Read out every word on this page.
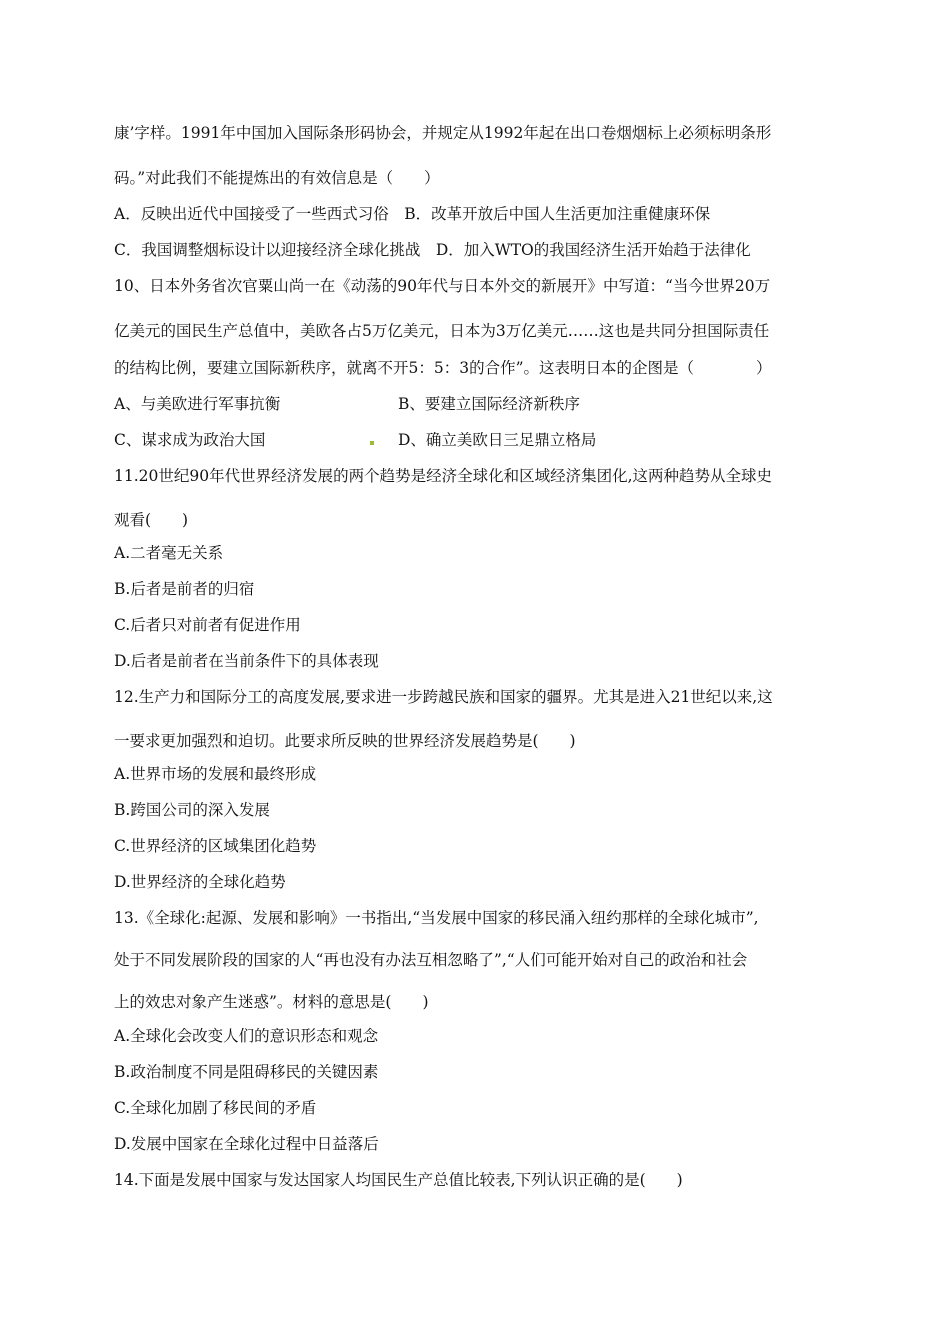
康’字样。1991年中国加入国际条形码协会，并规定从1992年起在出口卷烟烟标上必须标明条形
码。”对此我们不能提炼出的有效信息是（　　）
A．反映出近代中国接受了一些西式习俗　B．改革开放后中国人生活更加注重健康环保
C．我国调整烟标设计以迎接经济全球化挑战　D．加入WTO的我国经济生活开始趋于法律化
10、日本外务省次官粟山尚一在《动荡的90年代与日本外交的新展开》中写道：“当今世界20万
亿美元的国民生产总值中，美欧各占5万亿美元，日本为3万亿美元……这也是共同分担国际责任
的结构比例，要建立国际新秩序，就离不开5：5：3的合作”。这表明日本的企图是（　　　　）
A、与美欧进行军事抗衡	B、要建立国际经济新秩序
C、谋求成为政治大国	D、确立美欧日三足鼎立格局
11.20世纪90年代世界经济发展的两个趋势是经济全球化和区域经济集团化,这两种趋势从全球史
观看(　　)
A.二者毫无关系
B.后者是前者的归宿
C.后者只对前者有促进作用
D.后者是前者在当前条件下的具体表现
12.生产力和国际分工的高度发展,要求进一步跨越民族和国家的疆界。尤其是进入21世纪以来,这
一要求更加强烈和迫切。此要求所反映的世界经济发展趋势是(　　)
A.世界市场的发展和最终形成
B.跨国公司的深入发展
C.世界经济的区域集团化趋势
D.世界经济的全球化趋势
13.《全球化:起源、发展和影响》一书指出,“当发展中国家的移民涌入纽约那样的全球化城市”,
处于不同发展阶段的国家的人“再也没有办法互相忽略了”,“人们可能开始对自己的政治和社会
上的效忠对象产生迷惑”。材料的意思是(　　)
A.全球化会改变人们的意识形态和观念
B.政治制度不同是阻碍移民的关键因素
C.全球化加剧了移民间的矛盾
D.发展中国家在全球化过程中日益落后
14.下面是发展中国家与发达国家人均国民生产总值比较表,下列认识正确的是(　　)
